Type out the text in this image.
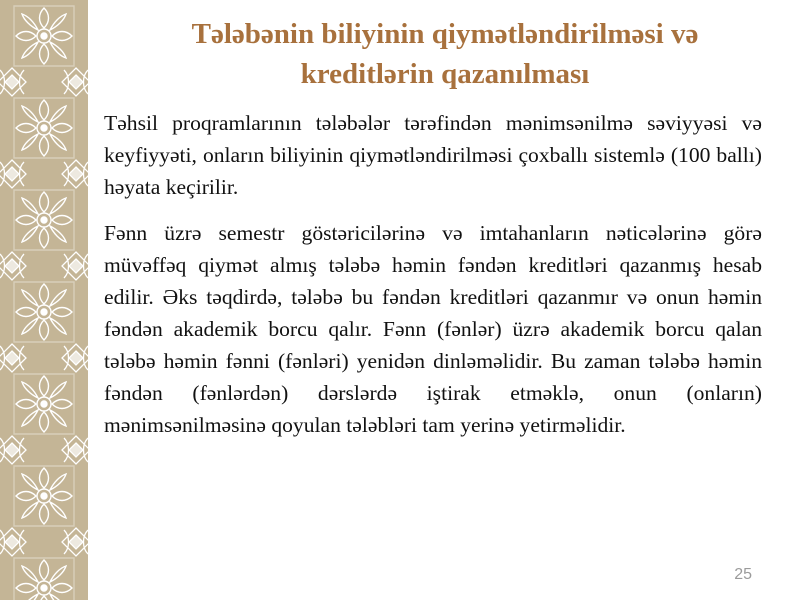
Tәlәbәnin biliyinin qiymәtlәndirilmәsi vә
kreditlәrin qazanılması

Tәhsil proqramlarının tәlәbәlәr tәrәfindәn mәnimsәnilmә sәviyyәsi vә keyfiyyәti, onların biliyinin qiymәtlәndirilmәsi çoxballı sistemlә (100 ballı) hәyata keçirilir.

Fәnn üzrә semestr göstәricilәrinә vә imtahanların nәticәlәrinә görә müvәffәq qiymәt almış tәlәbә hәmin fәndәn kreditlәri qazanmış hesab edilir. Әks tәqdirdә, tәlәbә bu fәndәn kreditlәri qazanmır vә onun hәmin fәndәn akademik borcu qalır. Fәnn (fәnlәr) üzrә akademik borcu qalan tәlәbә hәmin fәnni (fәnlәri) yenidәn dinlәmәlidir. Bu zaman tәlәbә hәmin fәndәn (fәnlәrdәn) dәrslәrdә iştirak etmәklә, onun (onların) mәnimsәnilmәsinә qoyulan tәlәblәri tam yerinә yetirmәlidir.

25
